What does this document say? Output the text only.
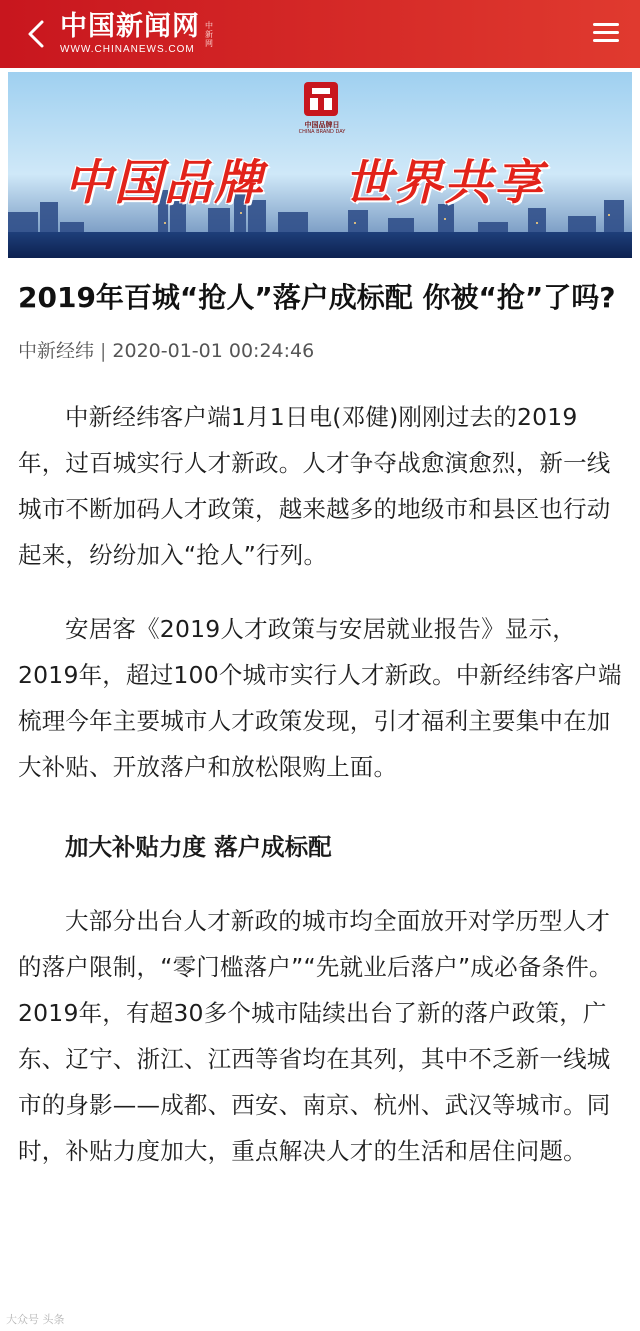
中国新闻网
WWW.CHINANEWS.COM
中新网
中国品牌日
CHINA BRAND DAY
中国品牌 世界共享
2019年百城“抢人”落户成标配 你被“抢”了吗?
中新经纬 | 2020-01-01 00:24:46

中新经纬客户端1月1日电(邓健)刚刚过去的2019年，过百城实行人才新政。人才争夺战愈演愈烈，新一线城市不断加码人才政策，越来越多的地级市和县区也行动起来，纷纷加入“抢人”行列。

安居客《2019人才政策与安居就业报告》显示，2019年，超过100个城市实行人才新政。中新经纬客户端梳理今年主要城市人才政策发现，引才福利主要集中在加大补贴、开放落户和放松限购上面。

加大补贴力度 落户成标配

大部分出台人才新政的城市均全面放开对学历型人才的落户限制，“零门槛落户”“先就业后落户”成必备条件。2019年，有超30多个城市陆续出台了新的落户政策，广东、辽宁、浙江、江西等省均在其列，其中不乏新一线城市的身影——成都、西安、南京、杭州、武汉等城市。同时，补贴力度加大，重点解决人才的生活和居住问题。

大众号 头条
